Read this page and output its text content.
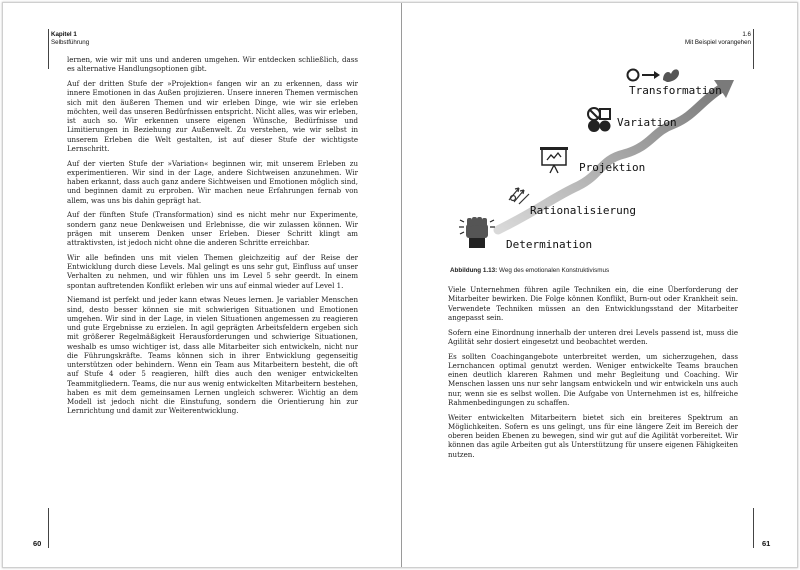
Kapitel 1
Selbstführung

lernen, wie wir mit uns und anderen umgehen. Wir entdecken schließlich, dass es alternative Handlungsoptionen gibt.

Auf der dritten Stufe der »Projektion« fangen wir an zu erkennen, dass wir innere Emotionen in das Außen projizieren. Unsere inneren Themen vermischen sich mit den äußeren Themen und wir erleben Dinge, wie wir sie erleben möchten, weil das unseren Bedürfnissen entspricht. Nicht alles, was wir erleben, ist auch so. Wir erkennen unsere eigenen Wünsche, Bedürfnisse und Limitierungen in Beziehung zur Außenwelt. Zu verstehen, wie wir selbst in unserem Erleben die Welt gestalten, ist auf dieser Stufe der wichtigste Lernschritt.

Auf der vierten Stufe der »Variation« beginnen wir, mit unserem Erleben zu experimentieren. Wir sind in der Lage, andere Sichtweisen anzunehmen. Wir haben erkannt, dass auch ganz andere Sichtweisen und Emotionen möglich sind, und beginnen damit zu erproben. Wir machen neue Erfahrungen fernab von allem, was uns bis dahin geprägt hat.

Auf der fünften Stufe (Transformation) sind es nicht mehr nur Experimente, sondern ganz neue Denkweisen und Erlebnisse, die wir zulassen können. Wir prägen mit unserem Denken unser Erleben. Dieser Schritt klingt am attraktivsten, ist jedoch nicht ohne die anderen Schritte erreichbar.

Wir alle befinden uns mit vielen Themen gleichzeitig auf der Reise der Entwicklung durch diese Levels. Mal gelingt es uns sehr gut, Einfluss auf unser Verhalten zu nehmen, und wir fühlen uns im Level 5 sehr geerdt. In einem spontan auftretenden Konflikt erleben wir uns auf einmal wieder auf Level 1.

Niemand ist perfekt und jeder kann etwas Neues lernen. Je variabler Menschen sind, desto besser können sie mit schwierigen Situationen und Emotionen umgehen. Wir sind in der Lage, in vielen Situationen angemessen zu reagieren und gute Ergebnisse zu erzielen. In agil geprägten Arbeitsfeldern ergeben sich mit größerer Regelmäßigkeit Herausforderungen und schwierige Situationen, weshalb es umso wichtiger ist, dass alle Mitarbeiter sich entwickeln, nicht nur die Führungskräfte. Teams können sich in ihrer Entwicklung gegenseitig unterstützen oder behindern. Wenn ein Team aus Mitarbeitern besteht, die oft auf Stufe 4 oder 5 reagieren, hilft dies auch den weniger entwickelten Teammitgliedern. Teams, die nur aus wenig entwickelten Mitarbeitern bestehen, haben es mit dem gemeinsamen Lernen ungleich schwerer. Wichtig an dem Modell ist jedoch nicht die Einstufung, sondern die Orientierung hin zur Lernrichtung und damit zur Weiterentwicklung.

60
1.6
Mit Beispiel vorangehen
Determination
Rationalisierung
Projektion
Variation
Transformation
Abbildung 1.13: Weg des emotionalen Konstruktivismus

Viele Unternehmen führen agile Techniken ein, die eine Überforderung der Mitarbeiter bewirken. Die Folge können Konflikt, Burn-out oder Krankheit sein. Verwendete Techniken müssen an den Entwicklungsstand der Mitarbeiter angepasst sein.

Sofern eine Einordnung innerhalb der unteren drei Levels passend ist, muss die Agilität sehr dosiert eingesetzt und beobachtet werden.

Es sollten Coachingangebote unterbreitet werden, um sicherzugehen, dass Lernchancen optimal genutzt werden. Weniger entwickelte Teams brauchen einen deutlich klareren Rahmen und mehr Begleitung und Coaching. Wir Menschen lassen uns nur sehr langsam entwickeln und wir entwickeln uns auch nur, wenn sie es selbst wollen. Die Aufgabe von Unternehmen ist es, hilfreiche Rahmenbedingungen zu schaffen.

Weiter entwickelten Mitarbeitern bietet sich ein breiteres Spektrum an Möglichkeiten. Sofern es uns gelingt, uns für eine längere Zeit im Bereich der oberen beiden Ebenen zu bewegen, sind wir gut auf die Agilität vorbereitet. Wir können das agile Arbeiten gut als Unterstützung für unsere eigenen Fähigkeiten nutzen.

61
